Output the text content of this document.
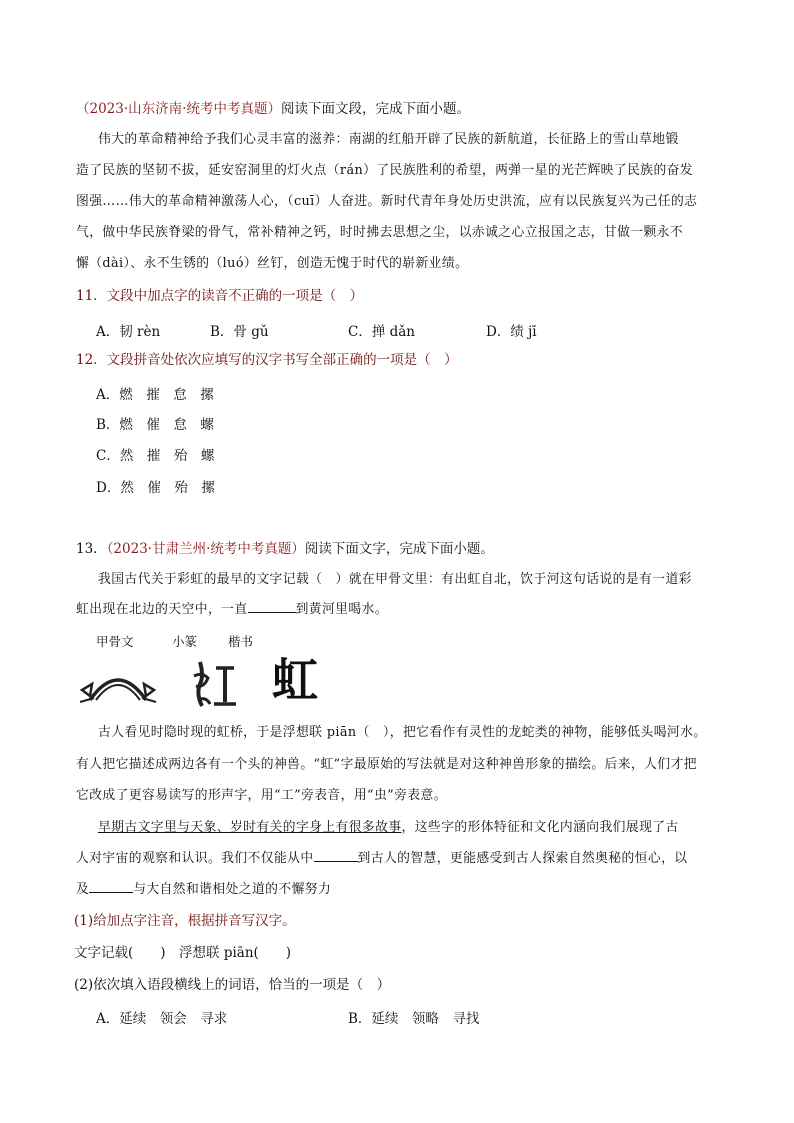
（2023·山东济南·统考中考真题）阅读下面文段，完成下面小题。
伟大的革命精神给予我们心灵丰富的滋养：南湖的红船开辟了民族的新航道，长征路上的雪山草地锻
造了民族的坚韧不拔，延安窑洞里的灯火点（rán）了民族胜利的希望，两弹一星的光芒辉映了民族的奋发
图强……伟大的革命精神激荡人心，（cuī）人奋进。新时代青年身处历史洪流，应有以民族复兴为己任的志
气，做中华民族脊梁的骨气，常补精神之钙，时时拂去思想之尘，以赤诚之心立报国之志，甘做一颗永不
懈（dài）、永不生锈的（luó）丝钉，创造无愧于时代的崭新业绩。
11．文段中加点字的读音不正确的一项是（　）
A．韧 rèn	B．骨 gǔ	C．掸 dǎn	D．绩 jī
12．文段拼音处依次应填写的汉字书写全部正确的一项是（　）
A．燃　摧　怠　摞
B．燃　催　怠　螺
C．然　摧　殆　螺
D．然　催　殆　摞
13．（2023·甘肃兰州·统考中考真题）阅读下面文字，完成下面小题。
我国古代关于彩虹的最早的文字记载（　）就在甲骨文里：有出虹自北，饮于河这句话说的是有一道彩
虹出现在北边的天空中，一直	到黄河里喝水。
甲骨文	小篆 楷书
虹
古人看见时隐时现的虹桥，于是浮想联 piān（　），把它看作有灵性的龙蛇类的神物，能够低头喝河水。
有人把它描述成两边各有一个头的神兽。“虹”字最原始的写法就是对这种神兽形象的描绘。后来，人们才把
它改成了更容易读写的形声字，用“工”旁表音，用“虫”旁表意。
早期古文字里与天象、岁时有关的字身上有很多故事，这些字的形体特征和文化内涵向我们展现了古
人对宇宙的观察和认识。我们不仅能从中	到古人的智慧，更能感受到古人探索自然奥秘的恒心，以
及	与大自然和谐相处之道的不懈努力
(1)给加点字注音，根据拼音写汉字。
文字记载(　　)　浮想联 piān(　　)
(2)依次填入语段横线上的词语，恰当的一项是（　）
A．延续　领会　寻求	B．延续　领略　寻找
